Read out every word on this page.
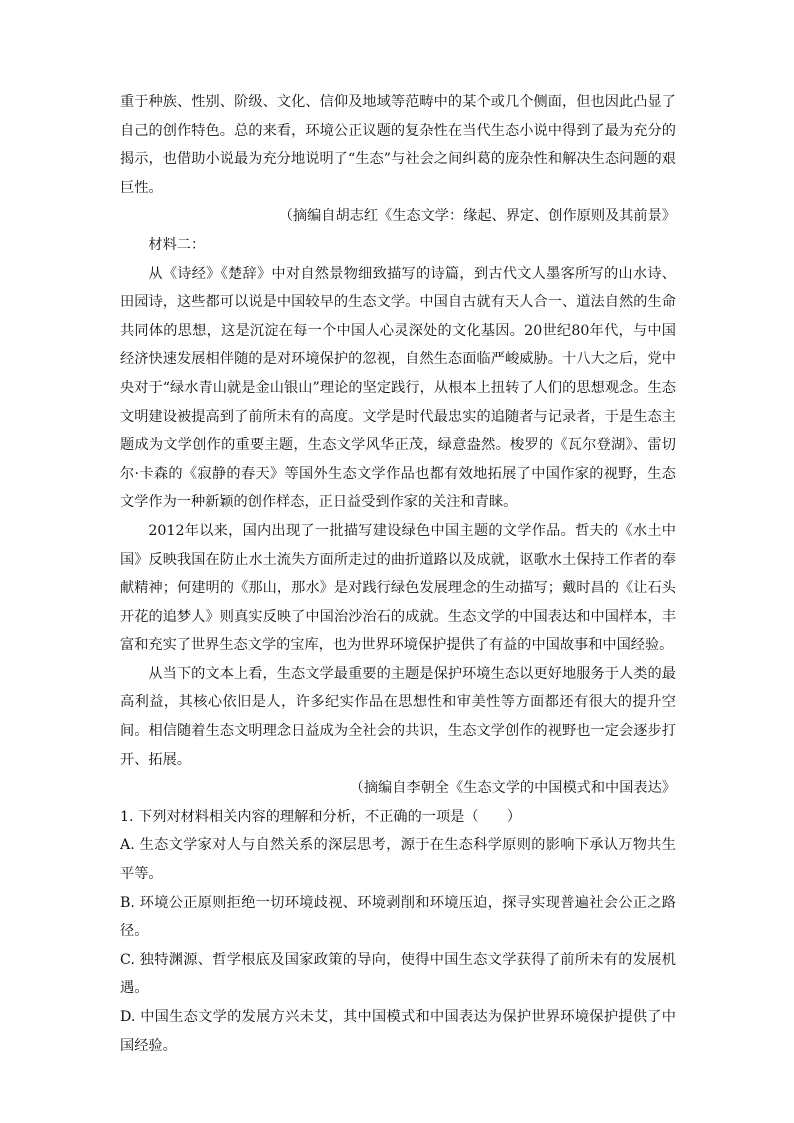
重于种族、性别、阶级、文化、信仰及地域等范畴中的某个或几个侧面，但也因此凸显了自己的创作特色。总的来看，环境公正议题的复杂性在当代生态小说中得到了最为充分的揭示，也借助小说最为充分地说明了“生态”与社会之间纠葛的庞杂性和解决生态问题的艰巨性。

（摘编自胡志红《生态文学：缘起、界定、创作原则及其前景》

材料二：

从《诗经》《楚辞》中对自然景物细致描写的诗篇，到古代文人墨客所写的山水诗、田园诗，这些都可以说是中国较早的生态文学。中国自古就有天人合一、道法自然的生命共同体的思想，这是沉淀在每一个中国人心灵深处的文化基因。20世纪80年代，与中国经济快速发展相伴随的是对环境保护的忽视，自然生态面临严峻威胁。十八大之后，党中央对于“绿水青山就是金山银山”理论的坚定践行，从根本上扭转了人们的思想观念。生态文明建设被提高到了前所未有的高度。文学是时代最忠实的追随者与记录者，于是生态主题成为文学创作的重要主题，生态文学风华正茂，绿意盎然。梭罗的《瓦尔登湖》、雷切尔·卡森的《寂静的春天》等国外生态文学作品也都有效地拓展了中国作家的视野，生态文学作为一种新颖的创作样态，正日益受到作家的关注和青睐。

2012年以来，国内出现了一批描写建设绿色中国主题的文学作品。哲夫的《水土中国》反映我国在防止水土流失方面所走过的曲折道路以及成就，讴歌水土保持工作者的奉献精神；何建明的《那山，那水》是对践行绿色发展理念的生动描写；戴时昌的《让石头开花的追梦人》则真实反映了中国治沙治石的成就。生态文学的中国表达和中国样本，丰富和充实了世界生态文学的宝库，也为世界环境保护提供了有益的中国故事和中国经验。

从当下的文本上看，生态文学最重要的主题是保护环境生态以更好地服务于人类的最高利益，其核心依旧是人，许多纪实作品在思想性和审美性等方面都还有很大的提升空间。相信随着生态文明理念日益成为全社会的共识，生态文学创作的视野也一定会逐步打开、拓展。

（摘编自李朝全《生态文学的中国模式和中国表达》

1. 下列对材料相关内容的理解和分析，不正确的一项是（　　）

A. 生态文学家对人与自然关系的深层思考，源于在生态科学原则的影响下承认万物共生平等。

B. 环境公正原则拒绝一切环境歧视、环境剥削和环境压迫，探寻实现普遍社会公正之路径。

C. 独特渊源、哲学根底及国家政策的导向，使得中国生态文学获得了前所未有的发展机遇。

D. 中国生态文学的发展方兴未艾，其中国模式和中国表达为保护世界环境保护提供了中国经验。
